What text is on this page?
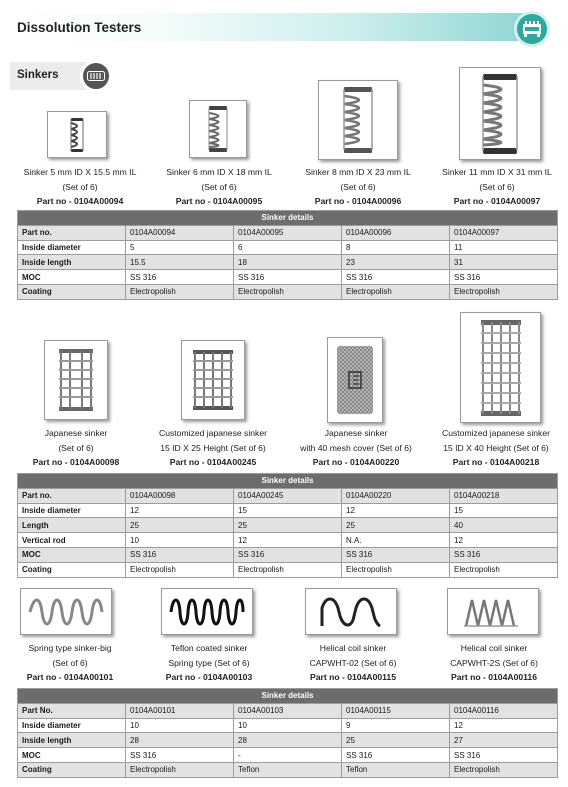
Dissolution Testers
Sinkers
Sinker 5 mm ID X 15.5 mm IL
(Set of 6)
Part no - 0104A00094
Sinker 6 mm ID X 18 mm IL
(Set of 6)
Part no - 0104A00095
Sinker 8 mm ID X 23 mm IL
(Set of 6)
Part no - 0104A00096
Sinker 11 mm ID X 31 mm IL
(Set of 6)
Part no - 0104A00097
Sinker details				
Part no.	0104A00094	0104A00095	0104A00096	0104A00097
Inside diameter	5	6	8	11
Inside length	15.5	18	23	31
MOC	SS 316	SS 316	SS 316	SS 316
Coating	Electropolish	Electropolish	Electropolish	Electropolish
Japanese sinker
(Set of 6)
Part no - 0104A00098
Customized japanese sinker
15 ID X 25 Height (Set of 6)
Part no - 0104A00245
Japanese sinker
with 40 mesh cover (Set of 6)
Part no - 0104A00220
Customized japanese sinker
15 ID X 40 Height (Set of 6)
Part no - 0104A00218
Sinker details				
Part no.	0104A00098	0104A00245	0104A00220	0104A00218
Inside diameter	12	15	12	15
Length	25	25	25	40
Vertical rod	10	12	N.A.	12
MOC	SS 316	SS 316	SS 316	SS 316
Coating	Electropolish	Electropolish	Electropolish	Electropolish
Spring type sinker-big
(Set of 6)
Part no - 0104A00101
Teflon coated sinker
Spring type (Set of 6)
Part no - 0104A00103
Helical coil sinker
CAPWHT-02 (Set of 6)
Part no - 0104A00115
Helical coil sinker
CAPWHT-2S (Set of 6)
Part no - 0104A00116
Sinker details				
Part No.	0104A00101	0104A00103	0104A00115	0104A00116
Inside diameter	10	10	9	12
Inside length	28	28	25	27
MOC	SS 316	-	SS 316	SS 316
Coating	Electropolish	Teflon	Teflon	Electropolish
